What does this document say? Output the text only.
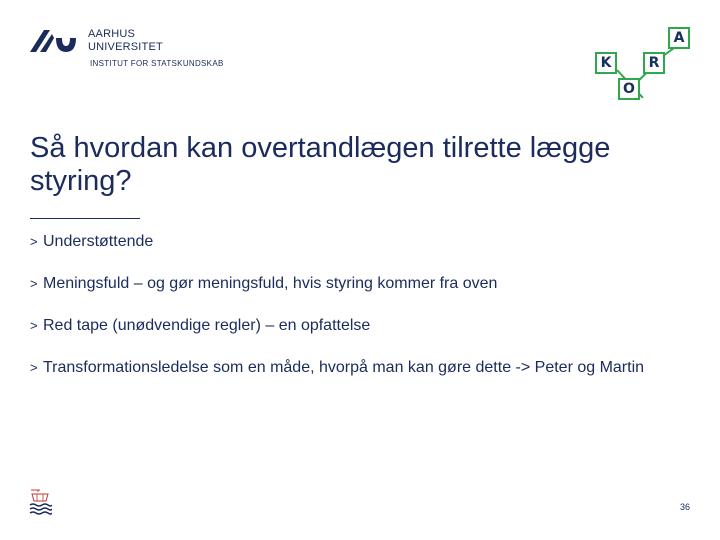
AARHUS
UNIVERSITET
INSTITUT FOR STATSKUNDSKAB	K
O
R
A
Så hvordan kan overtandlægen tilrette lægge styring?
> Understøttende
> Meningsfuld – og gør meningsfuld, hvis styring kommer fra oven
> Red tape (unødvendige regler) – en opfattelse
> Transformationsledelse som en måde, hvorpå man kan gøre dette -> Peter og Martin
36
